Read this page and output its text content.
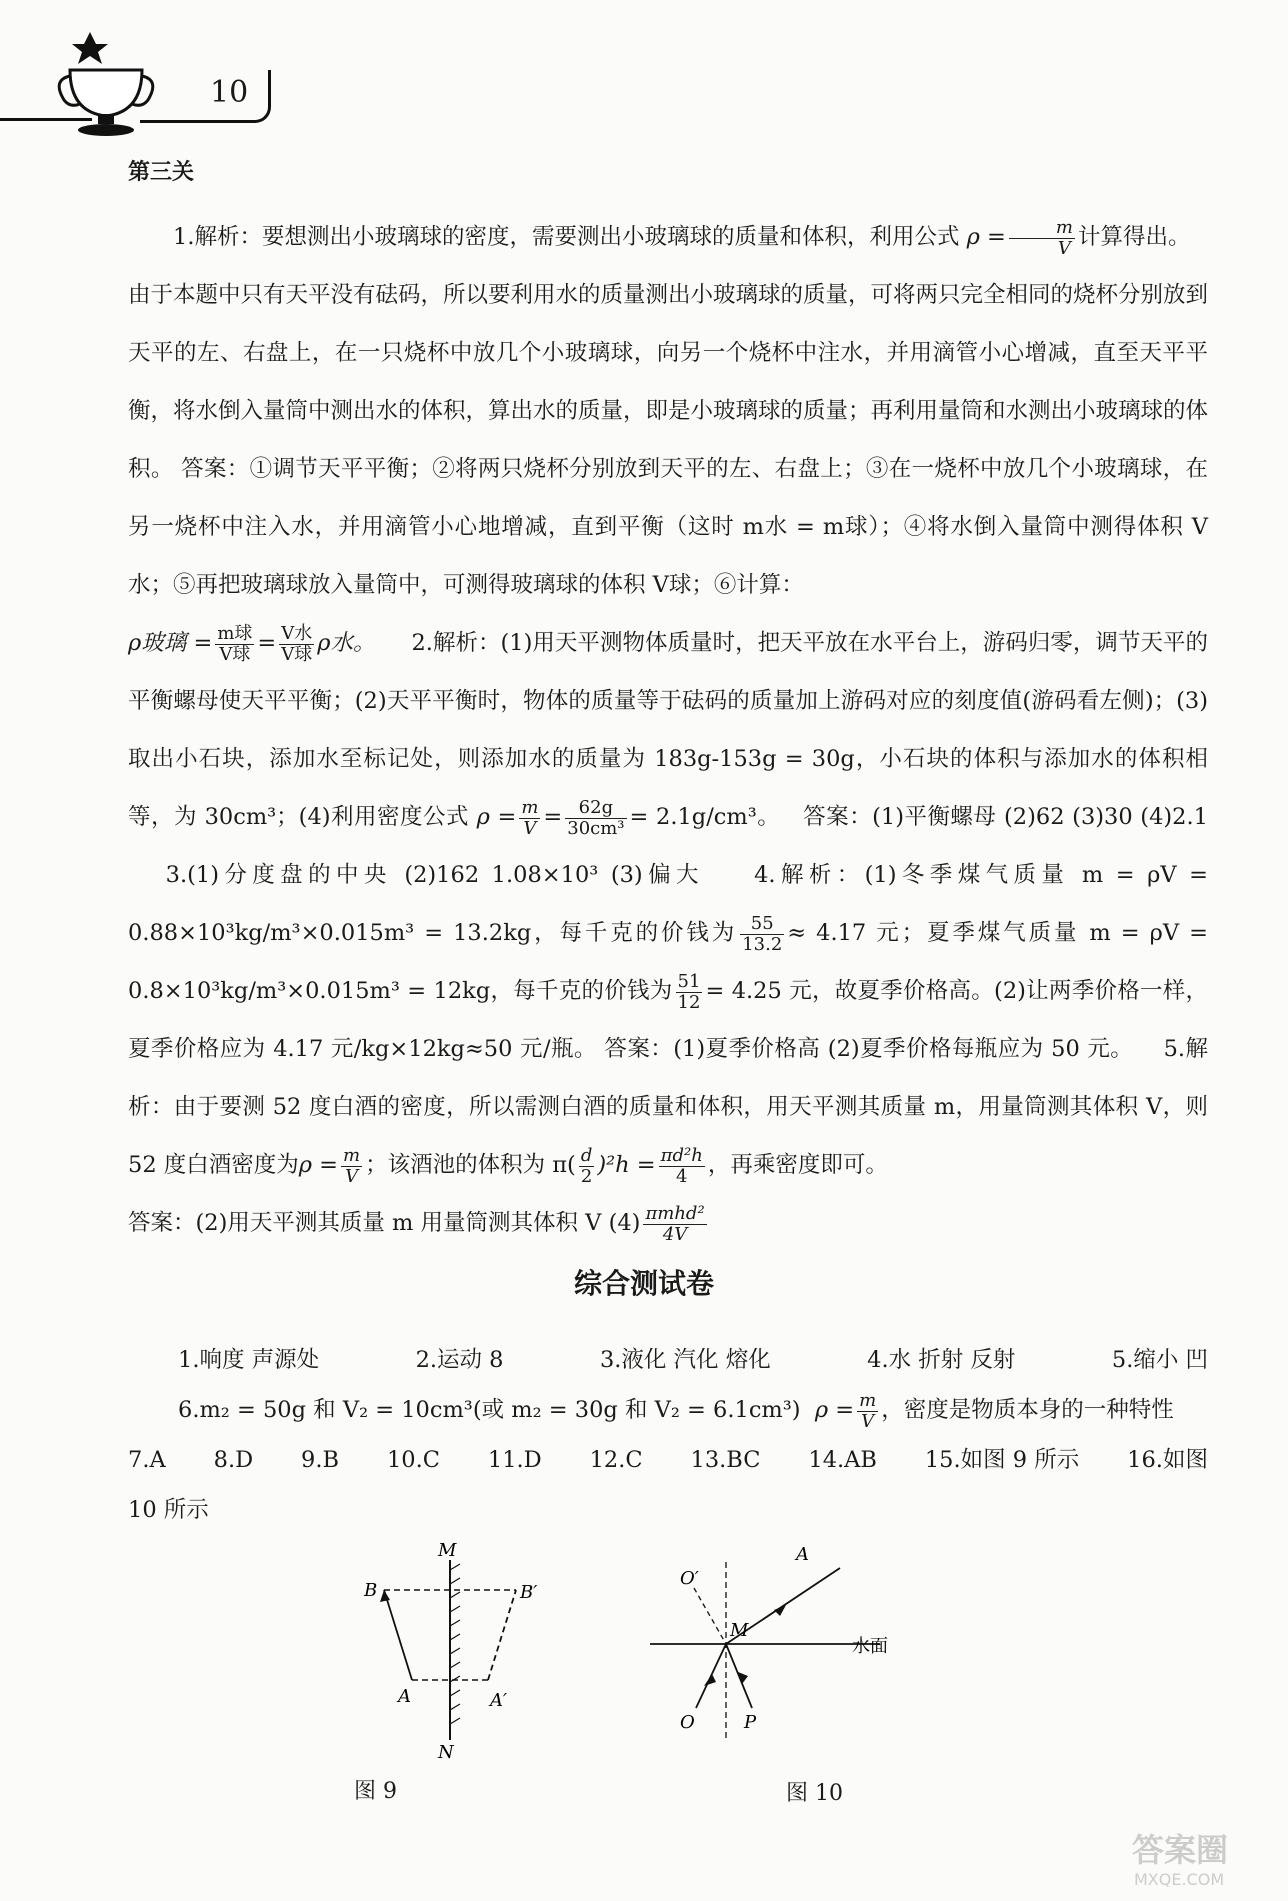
10
第三关

1.解析：要想测出小玻璃球的密度，需要测出小玻璃球的质量和体积，利用公式 $\rho = \frac{m}{V}$ 计算得出。

由于本题中只有天平没有砝码，所以要利用水的质量测出小玻璃球的质量，可将两只完全相同的烧杯分别放到天平的左、右盘上，在一只烧杯中放几个小玻璃球，向另一个烧杯中注水，并用滴管小心增减，直至天平平衡，将水倒入量筒中测出水的体积，算出水的质量，即是小玻璃球的质量；再利用量筒和水测出小玻璃球的体积。 答案：①调节天平平衡；②将两只烧杯分别放到天平的左、右盘上；③在一烧杯中放几个小玻璃球，在另一烧杯中注入水，并用滴管小心地增减，直到平衡（这时 m水 = m球）；④将水倒入量筒中测得体积 V水；⑤再把玻璃球放入量筒中，可测得玻璃球的体积 V球；⑥计算：

ρ玻璃 = $\frac{\text{m球}}{\text{V球}} = \frac{\text{V水}}{\text{V球}}$ ρ水。 2.解析：(1)用天平测物体质量时，把天平放在水平台上，游码归零，调节天平的平衡螺母使天平平衡；(2)天平平衡时，物体的质量等于砝码的质量加上游码对应的刻度值(游码看左侧)；(3)取出小石块，添加水至标记处，则添加水的质量为 183g-153g = 30g，小石块的体积与添加水的体积相等，为 30cm³；(4)利用密度公式 $\rho = \frac{m}{V} = \frac{62g}{\text{30cm³}} = 2.1g/cm^3$。 答案：(1)平衡螺母 (2)62 (3)30 (4)2.1    3.(1)分度盘的中央 (2)162 1.08×10³ (3)偏大 4.解析：(1)冬季煤气质量 m = ρV = 0.88×10³kg/m³×0.015m³ = 13.2kg，每千克的价钱为 $\frac{55}{13.2} \approx 4.17$ 元；夏季煤气质量 m = ρV = 0.8×10³kg/m³×0.015m³ = 12kg，每千克的价钱为 $\frac{51}{12} = 4.25$ 元，故夏季价格高。(2)让两季价格一样，夏季价格应为 4.17 元/kg×12kg≈50 元/瓶。 答案：(1)夏季价格高 (2)夏季价格每瓶应为 50 元。 5.解析：由于要测 52 度白酒的密度，所以需测白酒的质量和体积，用天平测其质量 m，用量筒测其体积 V，则 52 度白酒密度为$\rho = \frac{m}{V}$ ；该酒池的体积为 $\pi( \frac{d}{2} )^2h = \frac{\text{πd²h}}{4}$ ，再乘密度即可。

答案：(2)用天平测其质量 m 用量筒测其体积 V $(4) \frac{\text{πmhd²}}{4V}$

综合测试卷
1.响度 声源处	2.运动 8	3.液化 汽化 熔化	4.水 折射 反射	5.缩小 凹
6.m₂ = 50g 和 V₂ = 10cm³(或 m₂ = 30g 和 V₂ = 6.1cm³) $\rho = \frac{m}{V}$ ，密度是物质本身的一种特性
7.A 8.D 9.B 10.C 11.D 12.C 13.BC 14.AB 15.如图 9 所示 16.如图
10 所示
M
N
B	B′
A	A′
图 9
O′
A
M
水面
O	P
图 10
答案圈
MXQE.COM
